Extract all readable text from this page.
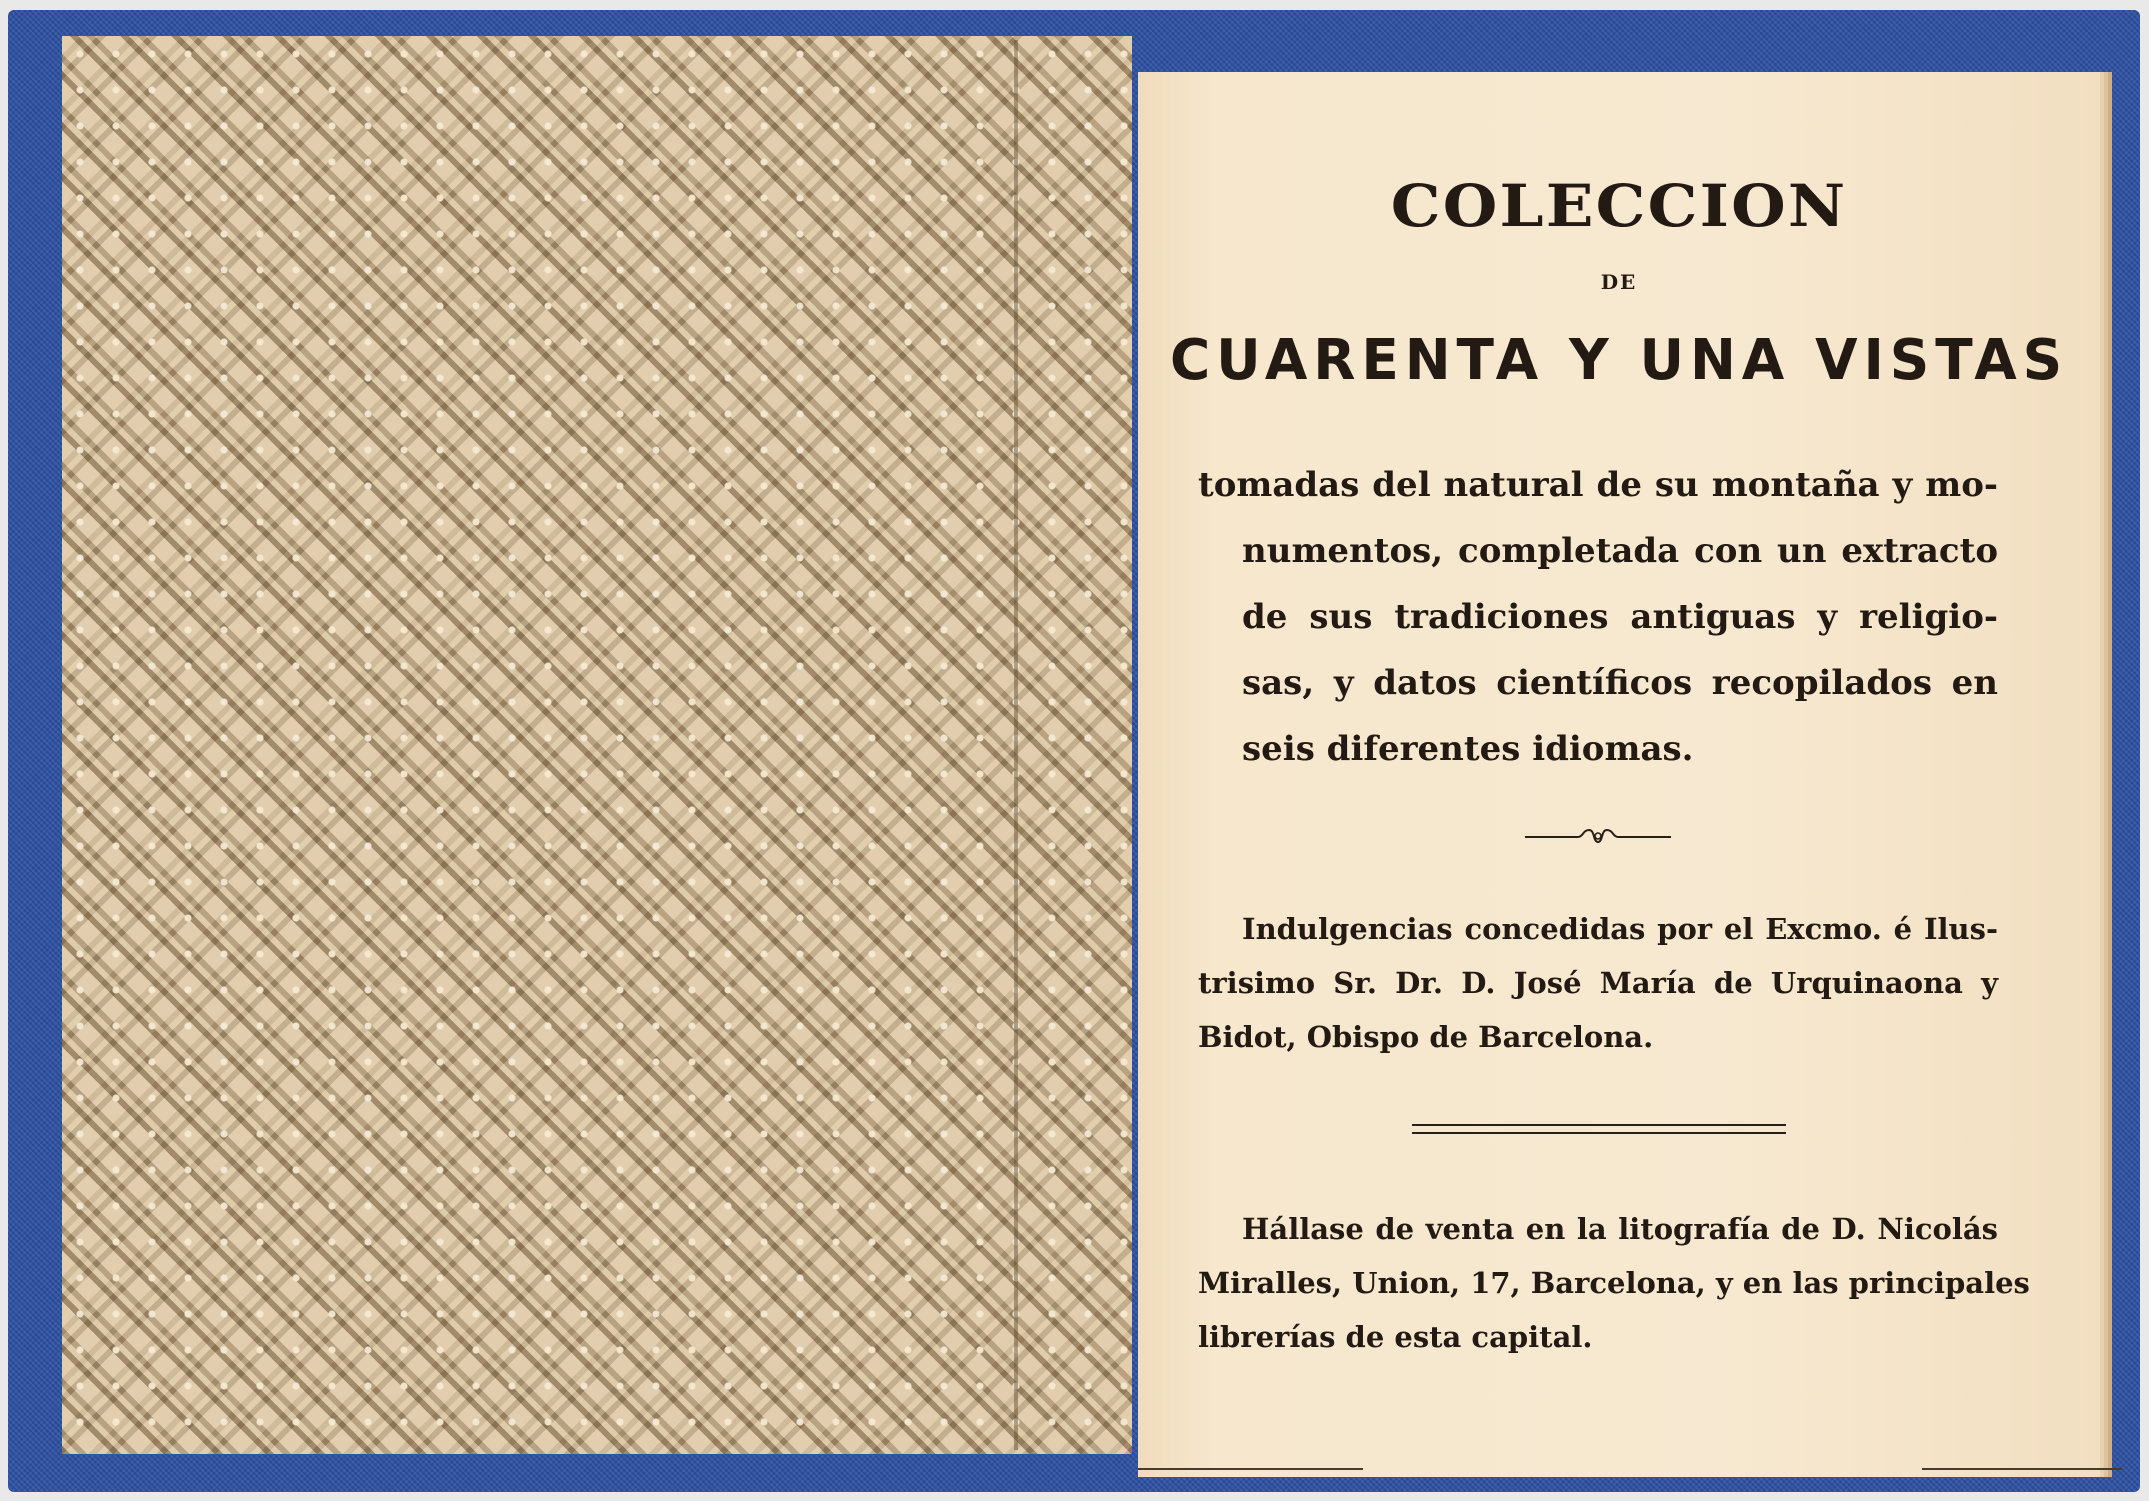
COLECCION
DE
CUARENTA Y UNA VISTAS
tomadas del natural de su montaña y mo-
numentos, completada con un extracto
de sus tradiciones antiguas y religio-
sas, y datos científicos recopilados en
seis diferentes idiomas.
Indulgencias concedidas por el Excmo. é Ilus-
trisimo Sr. Dr. D. José María de Urquinaona y
Bidot, Obispo de Barcelona.
Hállase de venta en la litografía de D. Nicolás
Miralles, Union, 17, Barcelona, y en las principales
librerías de esta capital.
